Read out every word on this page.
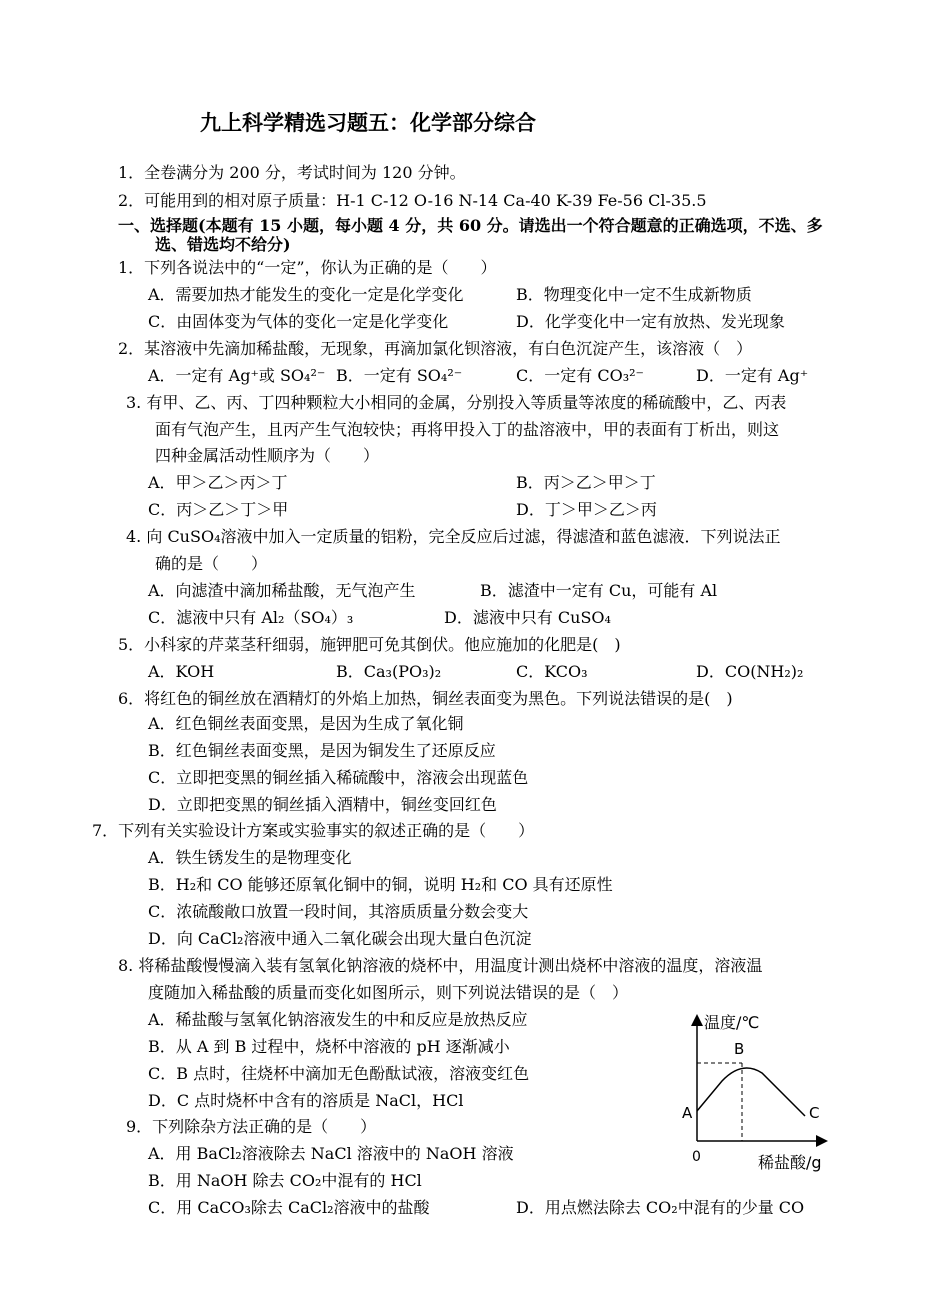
九上科学精选习题五：化学部分综合
1．全卷满分为 200 分，考试时间为 120 分钟。
2．可能用到的相对原子质量：H-1 C-12 O-16 N-14 Ca-40 K-39 Fe-56 Cl-35.5
一、选择题(本题有 15 小题，每小题 4 分，共 60 分。请选出一个符合题意的正确选项，不选、多
选、错选均不给分)
1．下列各说法中的“一定”，你认为正确的是（　　）
A．需要加热才能发生的变化一定是化学变化	B．物理变化中一定不生成新物质
C．由固体变为气体的变化一定是化学变化	D．化学变化中一定有放热、发光现象
2．某溶液中先滴加稀盐酸，无现象，再滴加氯化钡溶液，有白色沉淀产生，该溶液（　）
A．一定有 Ag⁺或 SO₄²⁻ B．一定有 SO₄²⁻	C．一定有 CO₃²⁻	D．一定有 Ag⁺
3. 有甲、乙、丙、丁四种颗粒大小相同的金属，分别投入等质量等浓度的稀硫酸中，乙、丙表
面有气泡产生，且丙产生气泡较快；再将甲投入丁的盐溶液中，甲的表面有丁析出，则这
四种金属活动性顺序为（　　）
A．甲＞乙＞丙＞丁	B．丙＞乙＞甲＞丁
C．丙＞乙＞丁＞甲	D．丁＞甲＞乙＞丙
4. 向 CuSO₄溶液中加入一定质量的铝粉，完全反应后过滤，得滤渣和蓝色滤液．下列说法正
确的是（　　）
A．向滤渣中滴加稀盐酸，无气泡产生	B．滤渣中一定有 Cu，可能有 Al
C．滤液中只有 Al₂（SO₄）₃	D．滤液中只有 CuSO₄
5．小科家的芹菜茎秆细弱，施钾肥可免其倒伏。他应施加的化肥是(　)
A．KOH	B．Ca₃(PO₃)₂	C．KCO₃	D．CO(NH₂)₂
6．将红色的铜丝放在酒精灯的外焰上加热，铜丝表面变为黑色。下列说法错误的是(　)
A．红色铜丝表面变黑，是因为生成了氧化铜
B．红色铜丝表面变黑，是因为铜发生了还原反应
C．立即把变黑的铜丝插入稀硫酸中，溶液会出现蓝色
D．立即把变黑的铜丝插入酒精中，铜丝变回红色
7．下列有关实验设计方案或实验事实的叙述正确的是（　　）
A．铁生锈发生的是物理变化
B．H₂和 CO 能够还原氧化铜中的铜，说明 H₂和 CO 具有还原性
C．浓硫酸敞口放置一段时间，其溶质质量分数会变大
D．向 CaCl₂溶液中通入二氧化碳会出现大量白色沉淀
8. 将稀盐酸慢慢滴入装有氢氧化钠溶液的烧杯中，用温度计测出烧杯中溶液的温度，溶液温
度随加入稀盐酸的质量而变化如图所示，则下列说法错误的是（　）
A．稀盐酸与氢氧化钠溶液发生的中和反应是放热反应
B．从 A 到 B 过程中，烧杯中溶液的 pH 逐渐减小
C．B 点时，往烧杯中滴加无色酚酞试液，溶液变红色
D．C 点时烧杯中含有的溶质是 NaCl，HCl
9．下列除杂方法正确的是（　　）
A．用 BaCl₂溶液除去 NaCl 溶液中的 NaOH 溶液
B．用 NaOH 除去 CO₂中混有的 HCl
C．用 CaCO₃除去 CaCl₂溶液中的盐酸	D．用点燃法除去 CO₂中混有的少量 CO
温度/℃
稀盐酸/g
0
A
B
C
